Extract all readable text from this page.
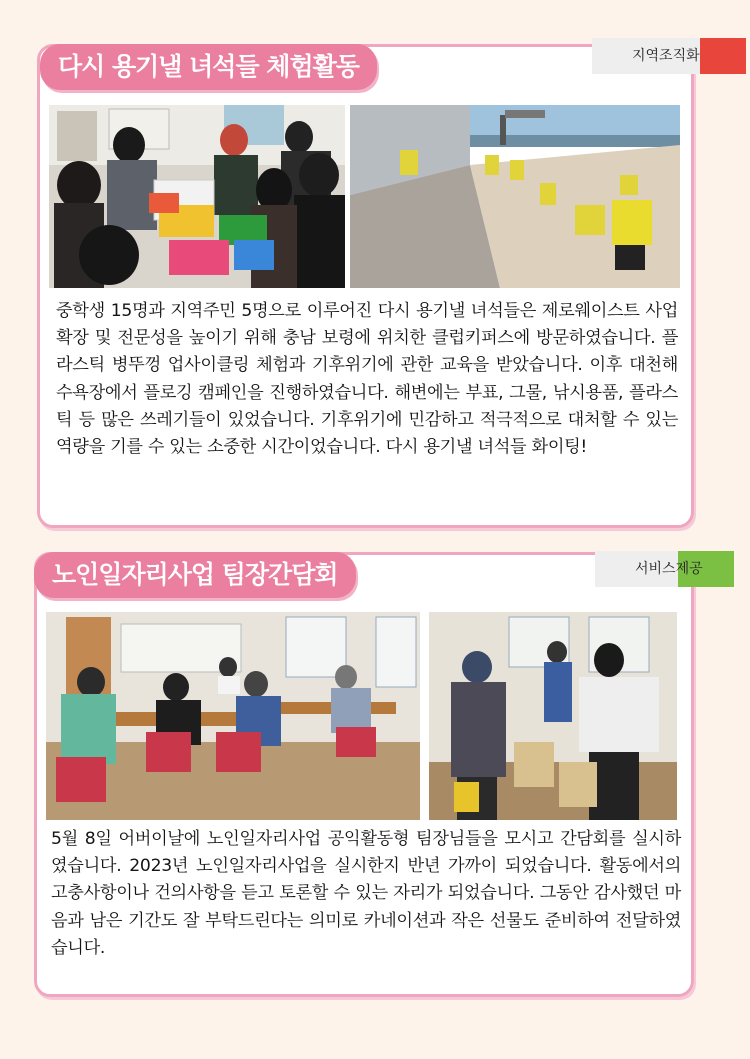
지역조직화
다시 용기낼 녀석들 체험활동
중학생 15명과 지역주민 5명으로 이루어진 다시 용기낼 녀석들은 제로웨이스트 사업 확장 및 전문성을 높이기 위해 충남 보령에 위치한 클럽키퍼스에 방문하였습니다. 플라스틱 병뚜껑 업사이클링 체험과 기후위기에 관한 교육을 받았습니다. 이후 대천해수욕장에서 플로깅 캠페인을 진행하였습니다. 해변에는 부표, 그물, 낚시용품, 플라스틱 등 많은 쓰레기들이 있었습니다. 기후위기에 민감하고 적극적으로 대처할 수 있는 역량을 기를 수 있는 소중한 시간이었습니다. 다시 용기낼 녀석들 화이팅!
서비스제공
노인일자리사업 팀장간담회
5월 8일 어버이날에 노인일자리사업 공익활동형 팀장님들을 모시고 간담회를 실시하였습니다. 2023년 노인일자리사업을 실시한지 반년 가까이 되었습니다. 활동에서의 고충사항이나 건의사항을 듣고 토론할 수 있는 자리가 되었습니다. 그동안 감사했던 마음과 남은 기간도 잘 부탁드린다는 의미로 카네이션과 작은 선물도 준비하여 전달하였습니다.
